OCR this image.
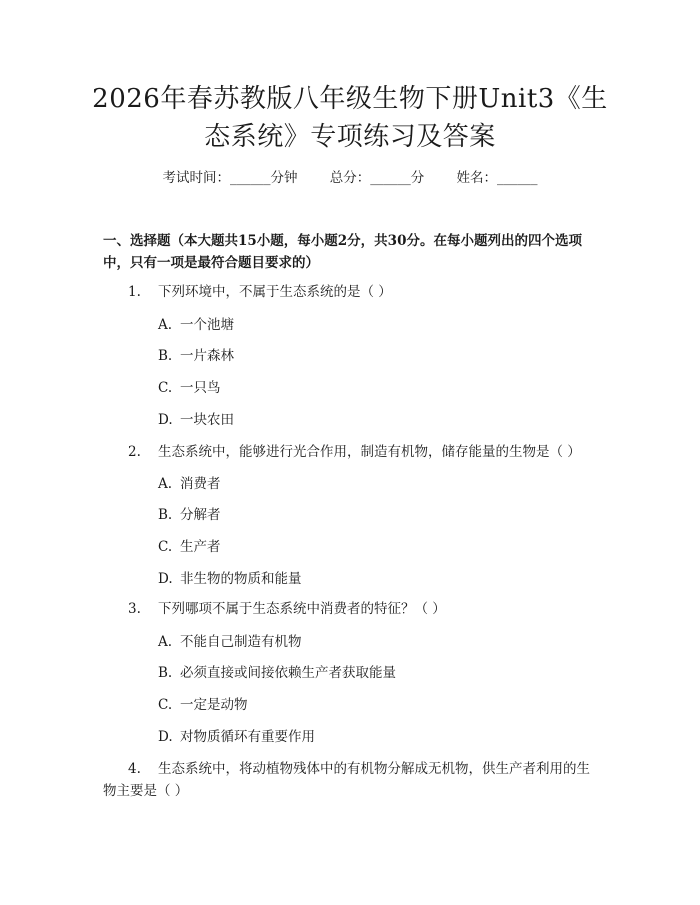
2026年春苏教版八年级生物下册Unit3《生态系统》专项练习及答案
考试时间：______分钟 总分：______分 姓名：______
一、选择题（本大题共15小题，每小题2分，共30分。在每小题列出的四个选项中，只有一项是最符合题目要求的）
1. 下列环境中，不属于生态系统的是（ ）
A. 一个池塘
B. 一片森林
C. 一只鸟
D. 一块农田
2. 生态系统中，能够进行光合作用，制造有机物，储存能量的生物是（ ）
A. 消费者
B. 分解者
C. 生产者
D. 非生物的物质和能量
3. 下列哪项不属于生态系统中消费者的特征？（ ）
A. 不能自己制造有机物
B. 必须直接或间接依赖生产者获取能量
C. 一定是动物
D. 对物质循环有重要作用
4. 生态系统中，将动植物残体中的有机物分解成无机物，供生产者利用的生物主要是（ ）
